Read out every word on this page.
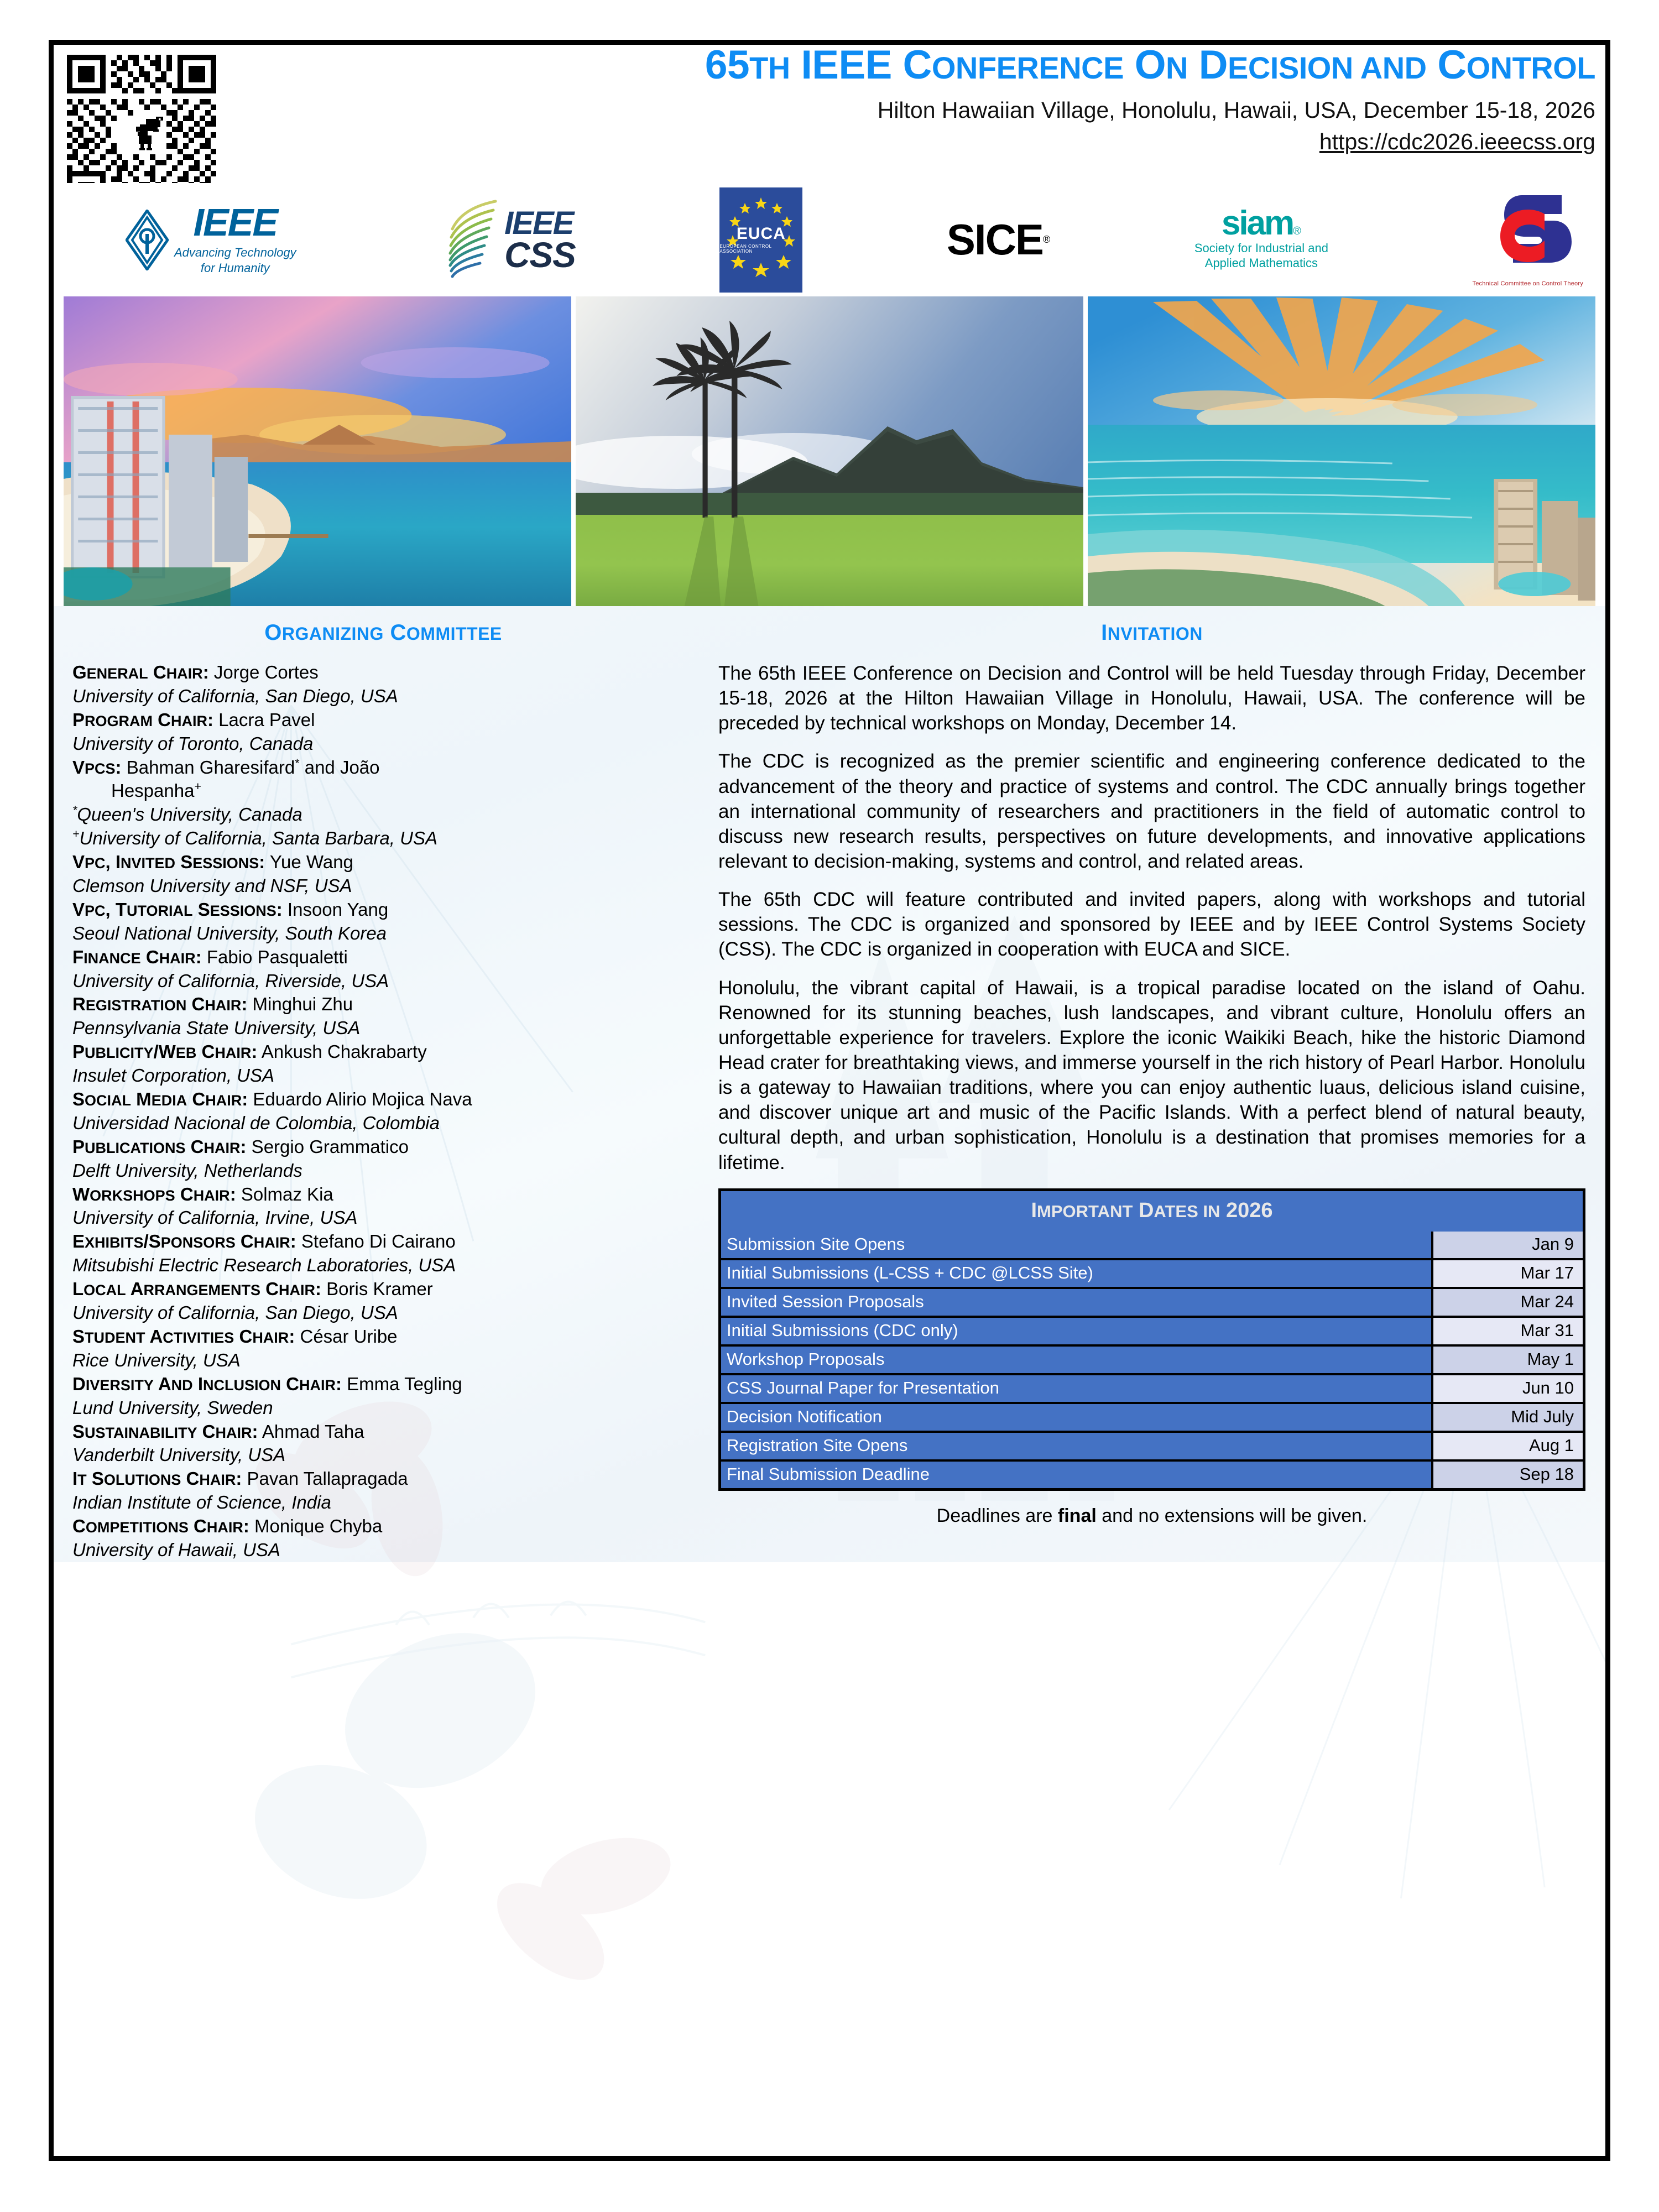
65TH IEEE CONFERENCE ON DECISION AND CONTROL
Hilton Hawaiian Village, Honolulu, Hawaii, USA, December 15-18, 2026
https://cdc2026.ieeecss.org
IEEE
Advancing Technology
for Humanity
IEEE
CSS
EUCA
EUROPEAN CONTROL ASSOCIATION	SICE ®	siam®
Society for Industrial and
Applied Mathematics
Technical Committee on Control Theory
ORGANIZING COMMITTEE
GENERAL CHAIR: Jorge Cortes
University of California, San Diego, USA
PROGRAM CHAIR: Lacra Pavel
University of Toronto, Canada
VPCS: Bahman Gharesifard* and João
Hespanha+
*Queen's University, Canada
+University of California, Santa Barbara, USA
VPC, INVITED SESSIONS: Yue Wang
Clemson University and NSF, USA
VPC, TUTORIAL SESSIONS: Insoon Yang
Seoul National University, South Korea
FINANCE CHAIR: Fabio Pasqualetti
University of California, Riverside, USA
REGISTRATION CHAIR: Minghui Zhu
Pennsylvania State University, USA
PUBLICITY/WEB CHAIR: Ankush Chakrabarty
Insulet Corporation, USA
SOCIAL MEDIA CHAIR: Eduardo Alirio Mojica Nava
Universidad Nacional de Colombia, Colombia
PUBLICATIONS CHAIR: Sergio Grammatico
Delft University, Netherlands
WORKSHOPS CHAIR: Solmaz Kia
University of California, Irvine, USA
EXHIBITS/SPONSORS CHAIR: Stefano Di Cairano
Mitsubishi Electric Research Laboratories, USA
LOCAL ARRANGEMENTS CHAIR: Boris Kramer
University of California, San Diego, USA
STUDENT ACTIVITIES CHAIR: César Uribe
Rice University, USA
DIVERSITY AND INCLUSION CHAIR: Emma Tegling
Lund University, Sweden
SUSTAINABILITY CHAIR: Ahmad Taha
Vanderbilt University, USA
IT SOLUTIONS CHAIR: Pavan Tallapragada
Indian Institute of Science, India
COMPETITIONS CHAIR: Monique Chyba
University of Hawaii, USA
INVITATION

The 65th IEEE Conference on Decision and Control will be held Tuesday through Friday, December 15-18, 2026 at the Hilton Hawaiian Village in Honolulu, Hawaii, USA. The conference will be preceded by technical workshops on Monday, December 14.

The CDC is recognized as the premier scientific and engineering conference dedicated to the advancement of the theory and practice of systems and control. The CDC annually brings together an international community of researchers and practitioners in the field of automatic control to discuss new research results, perspectives on future developments, and innovative applications relevant to decision-making, systems and control, and related areas.

The 65th CDC will feature contributed and invited papers, along with workshops and tutorial sessions. The CDC is organized and sponsored by IEEE and by IEEE Control Systems Society (CSS). The CDC is organized in cooperation with EUCA and SICE.

Honolulu, the vibrant capital of Hawaii, is a tropical paradise located on the island of Oahu. Renowned for its stunning beaches, lush landscapes, and vibrant culture, Honolulu offers an unforgettable experience for travelers. Explore the iconic Waikiki Beach, hike the historic Diamond Head crater for breathtaking views, and immerse yourself in the rich history of Pearl Harbor. Honolulu is a gateway to Hawaiian traditions, where you can enjoy authentic luaus, delicious island cuisine, and discover unique art and music of the Pacific Islands. With a perfect blend of natural beauty, cultural depth, and urban sophistication, Honolulu is a destination that promises memories for a lifetime.

IMPORTANT DATES IN 2026
Submission Site Opens	Jan 9
Initial Submissions (L-CSS + CDC @LCSS Site)	Mar 17
Invited Session Proposals	Mar 24
Initial Submissions (CDC only)	Mar 31
Workshop Proposals	May 1
CSS Journal Paper for Presentation	Jun 10
Decision Notification	Mid July
Registration Site Opens	Aug 1
Final Submission Deadline	Sep 18

Deadlines are final and no extensions will be given.
